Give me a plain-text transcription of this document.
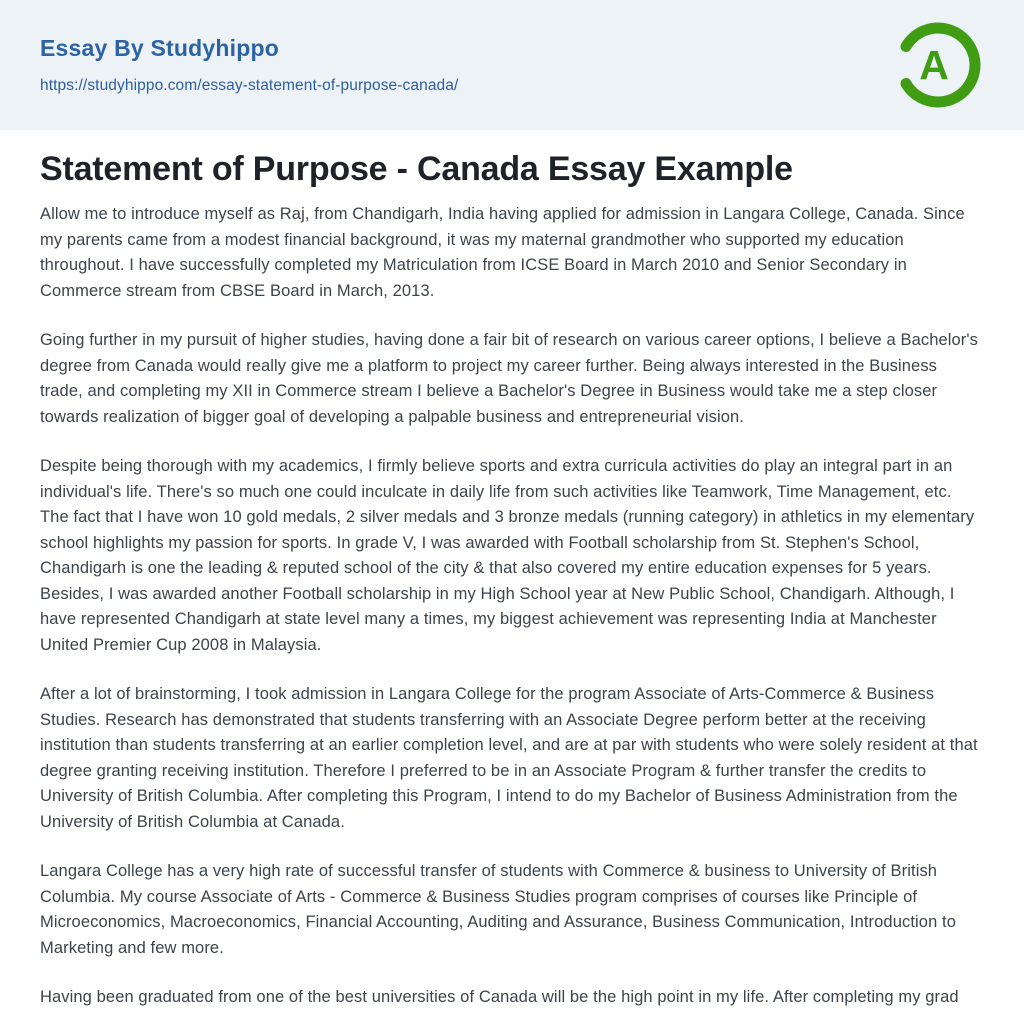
Essay By Studyhippo
https://studyhippo.com/essay-statement-of-purpose-canada/	A
Statement of Purpose - Canada Essay Example

Allow me to introduce myself as Raj, from Chandigarh, India having applied for admission in Langara College, Canada. Since my parents came from a modest financial background, it was my maternal grandmother who supported my education throughout. I have successfully completed my Matriculation from ICSE Board in March 2010 and Senior Secondary in Commerce stream from CBSE Board in March, 2013.

Going further in my pursuit of higher studies, having done a fair bit of research on various career options, I believe a Bachelor's degree from Canada would really give me a platform to project my career further. Being always interested in the Business trade, and completing my XII in Commerce stream I believe a Bachelor's Degree in Business would take me a step closer towards realization of bigger goal of developing a palpable business and entrepreneurial vision.

Despite being thorough with my academics, I firmly believe sports and extra curricula activities do play an integral part in an individual's life. There's so much one could inculcate in daily life from such activities like Teamwork, Time Management, etc. The fact that I have won 10 gold medals, 2 silver medals and 3 bronze medals (running category) in athletics in my elementary school highlights my passion for sports. In grade V, I was awarded with Football scholarship from St. Stephen's School, Chandigarh is one the leading & reputed school of the city & that also covered my entire education expenses for 5 years. Besides, I was awarded another Football scholarship in my High School year at New Public School, Chandigarh. Although, I have represented Chandigarh at state level many a times, my biggest achievement was representing India at Manchester United Premier Cup 2008 in Malaysia.

After a lot of brainstorming, I took admission in Langara College for the program Associate of Arts-Commerce & Business Studies. Research has demonstrated that students transferring with an Associate Degree perform better at the receiving institution than students transferring at an earlier completion level, and are at par with students who were solely resident at that degree granting receiving institution. Therefore I preferred to be in an Associate Program & further transfer the credits to University of British Columbia. After completing this Program, I intend to do my Bachelor of Business Administration from the University of British Columbia at Canada.

Langara College has a very high rate of successful transfer of students with Commerce & business to University of British Columbia. My course Associate of Arts - Commerce & Business Studies program comprises of courses like Principle of Microeconomics, Macroeconomics, Financial Accounting, Auditing and Assurance, Business Communication, Introduction to Marketing and few more.

Having been graduated from one of the best universities of Canada will be the high point in my life. After completing my grad
